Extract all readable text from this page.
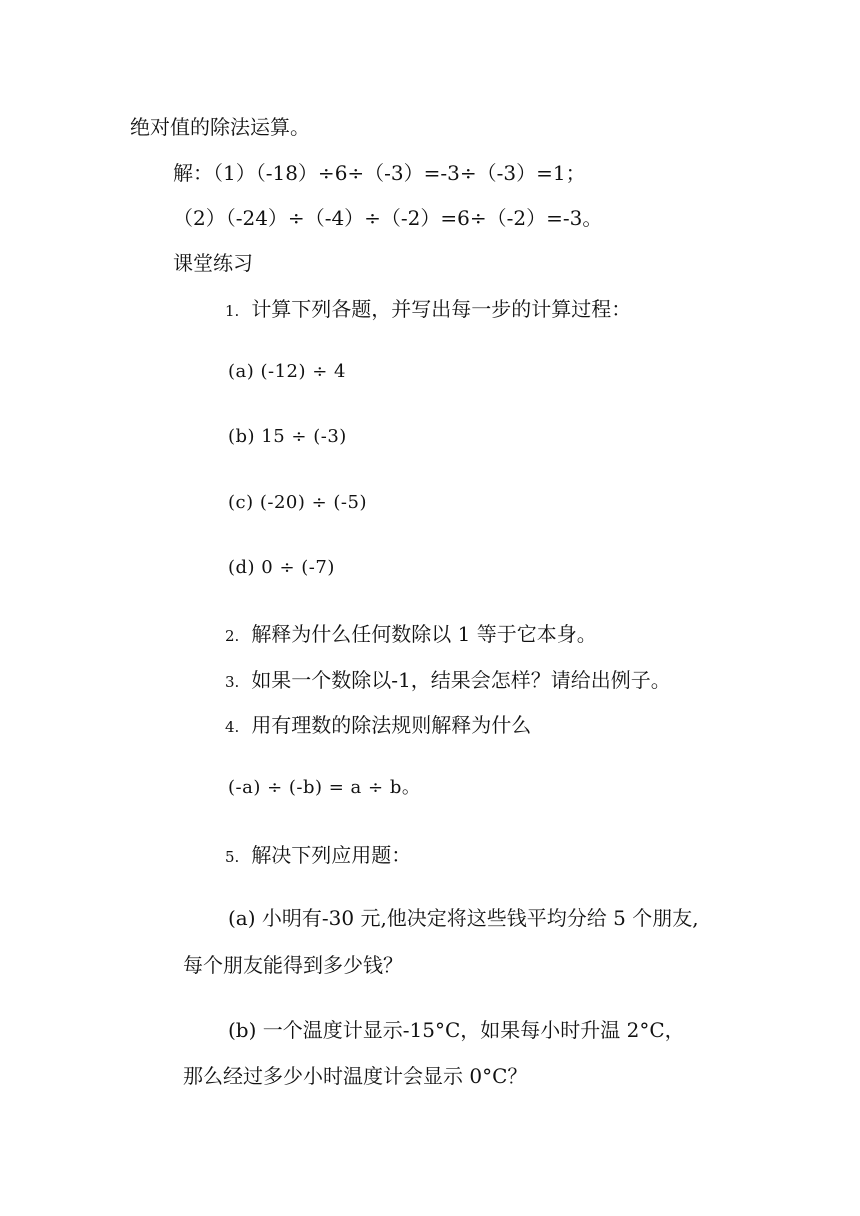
绝对值的除法运算。
解：（1）（-18）÷6÷（-3）=-3÷（-3）=1；
（2）（-24）÷（-4）÷（-2）=6÷（-2）=-3。
课堂练习
1. 计算下列各题，并写出每一步的计算过程：
(a) (-12) ÷ 4
(b) 15 ÷ (-3)
(c) (-20) ÷ (-5)
(d) 0 ÷ (-7)
2. 解释为什么任何数除以 1 等于它本身。
3. 如果一个数除以-1，结果会怎样？请给出例子。
4. 用有理数的除法规则解释为什么
(-a) ÷ (-b) = a ÷ b。
5. 解决下列应用题：
(a) 小明有-30 元,他决定将这些钱平均分给 5 个朋友,
每个朋友能得到多少钱？
(b) 一个温度计显示-15°C，如果每小时升温 2°C，
那么经过多少小时温度计会显示 0°C？
